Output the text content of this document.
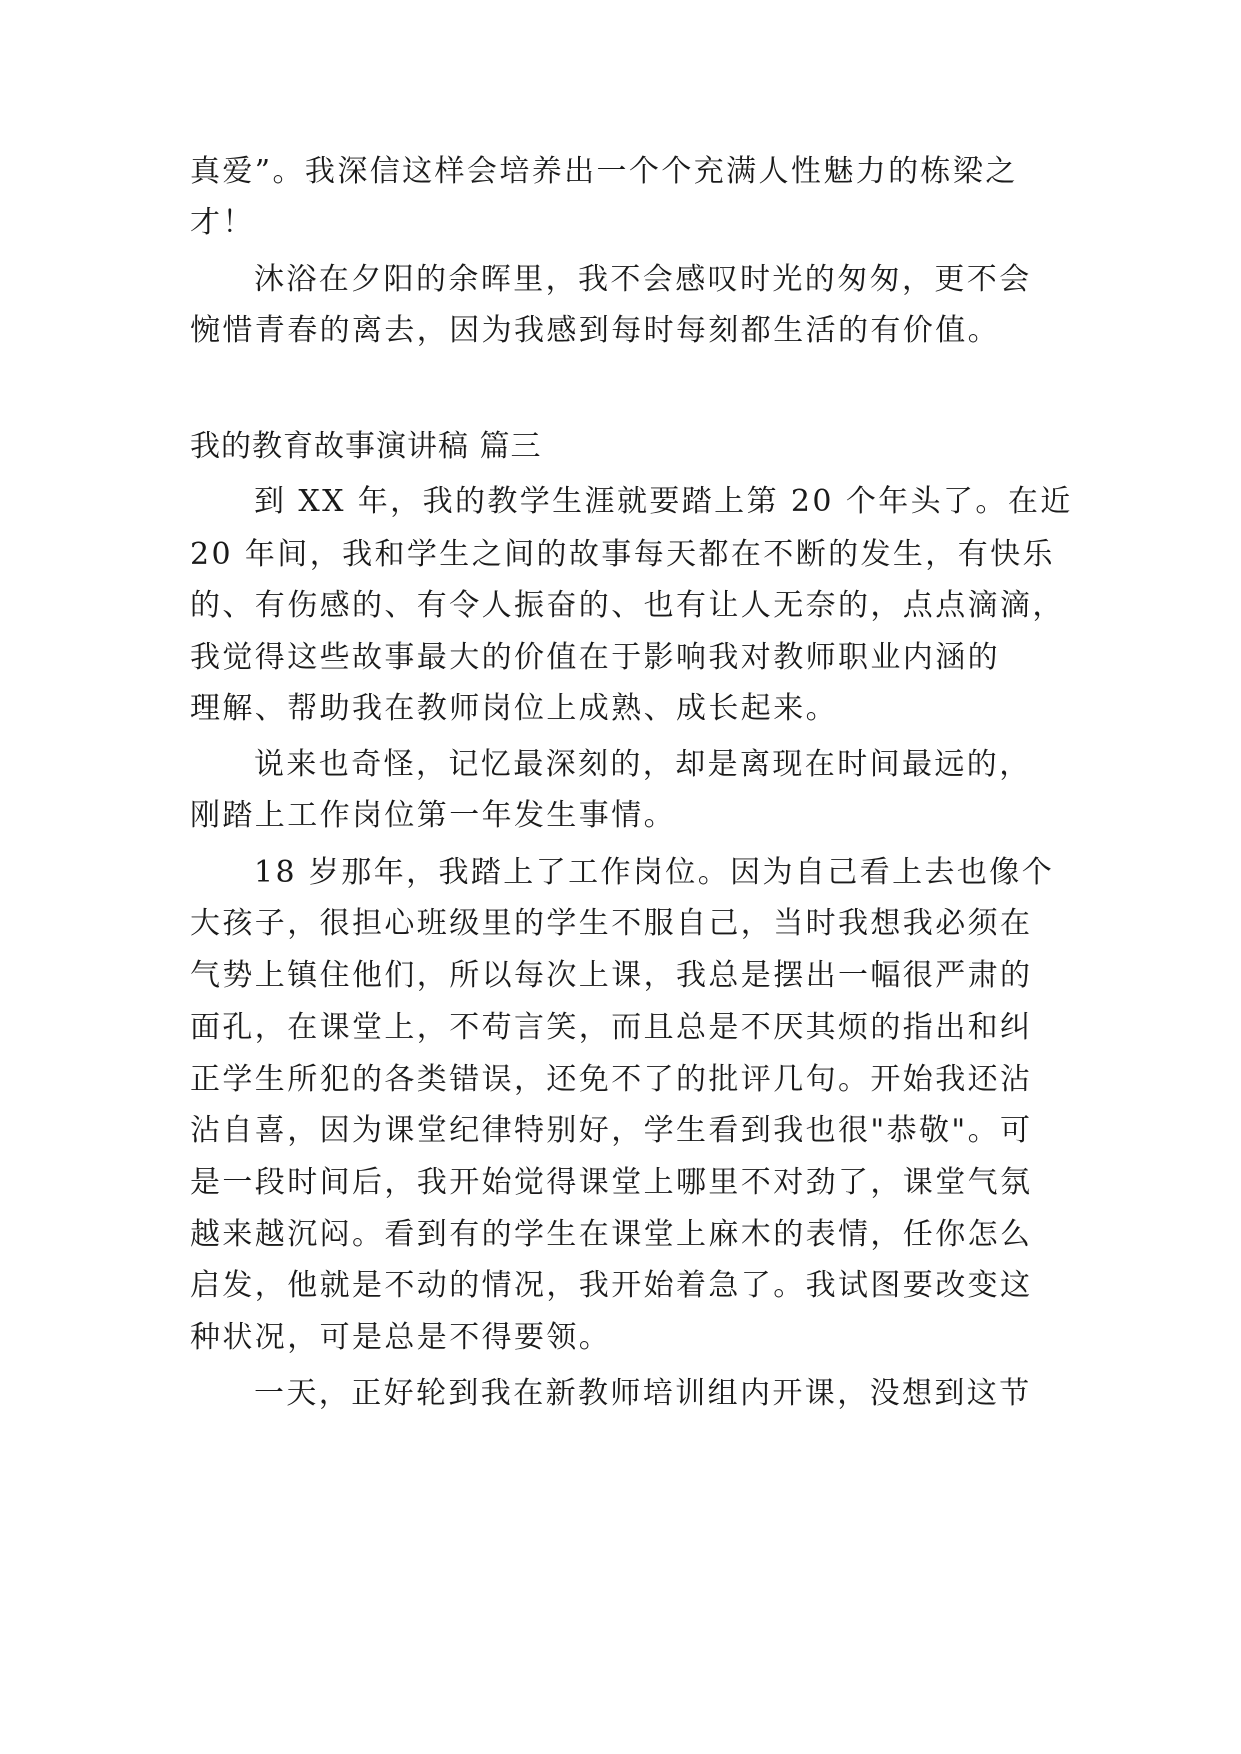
真爱”。我深信这样会培养出一个个充满人性魅力的栋梁之
才！
沐浴在夕阳的余晖里，我不会感叹时光的匆匆，更不会
惋惜青春的离去，因为我感到每时每刻都生活的有价值。
我的教育故事演讲稿 篇三
到 XX 年，我的教学生涯就要踏上第 20 个年头了。在近
20 年间，我和学生之间的故事每天都在不断的发生，有快乐
的、有伤感的、有令人振奋的、也有让人无奈的，点点滴滴，
我觉得这些故事最大的价值在于影响我对教师职业内涵的
理解、帮助我在教师岗位上成熟、成长起来。
说来也奇怪，记忆最深刻的，却是离现在时间最远的，
刚踏上工作岗位第一年发生事情。
18 岁那年，我踏上了工作岗位。因为自己看上去也像个
大孩子，很担心班级里的学生不服自己，当时我想我必须在
气势上镇住他们，所以每次上课，我总是摆出一幅很严肃的
面孔，在课堂上，不苟言笑，而且总是不厌其烦的指出和纠
正学生所犯的各类错误，还免不了的批评几句。开始我还沾
沾自喜，因为课堂纪律特别好，学生看到我也很"恭敬"。可
是一段时间后，我开始觉得课堂上哪里不对劲了，课堂气氛
越来越沉闷。看到有的学生在课堂上麻木的表情，任你怎么
启发，他就是不动的情况，我开始着急了。我试图要改变这
种状况，可是总是不得要领。
一天，正好轮到我在新教师培训组内开课，没想到这节
